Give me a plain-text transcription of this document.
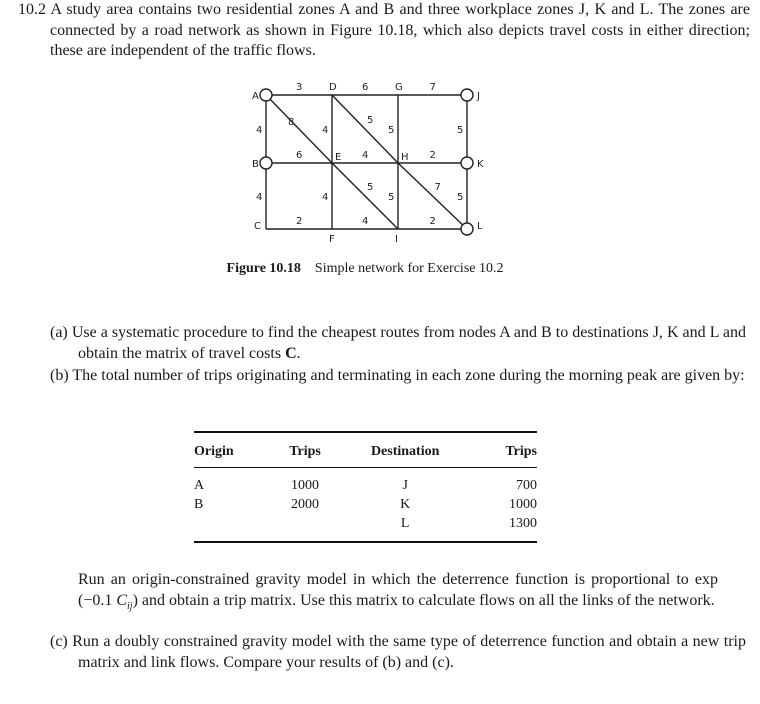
10.2 A study area contains two residential zones A and B and three workplace zones J, K and L. The zones are connected by a road network as shown in Figure 10.18, which also depicts travel costs in either direction; these are independent of the traffic flows.
3	6	7
6	4	2
2	4	2
4
4
4
4
5
5
5
5
8
5
5
7
A
D	G
J
B
E	H
K
C
F	I
L
Figure 10.18 Simple network for Exercise 10.2
(a) Use a systematic procedure to find the cheapest routes from nodes A and B to destinations J, K and L and obtain the matrix of travel costs C.
(b) The total number of trips originating and terminating in each zone during the morning peak are given by:
Origin	Trips	Destination	Trips
A	1000	J	700
B	2000	K	1000
		L	1300
Run an origin-constrained gravity model in which the deterrence function is proportional to exp (−0.1 $C_{ij}$) and obtain a trip matrix. Use this matrix to calculate flows on all the links of the network.
(c) Run a doubly constrained gravity model with the same type of deterrence function and obtain a new trip matrix and link flows. Compare your results of (b) and (c).
